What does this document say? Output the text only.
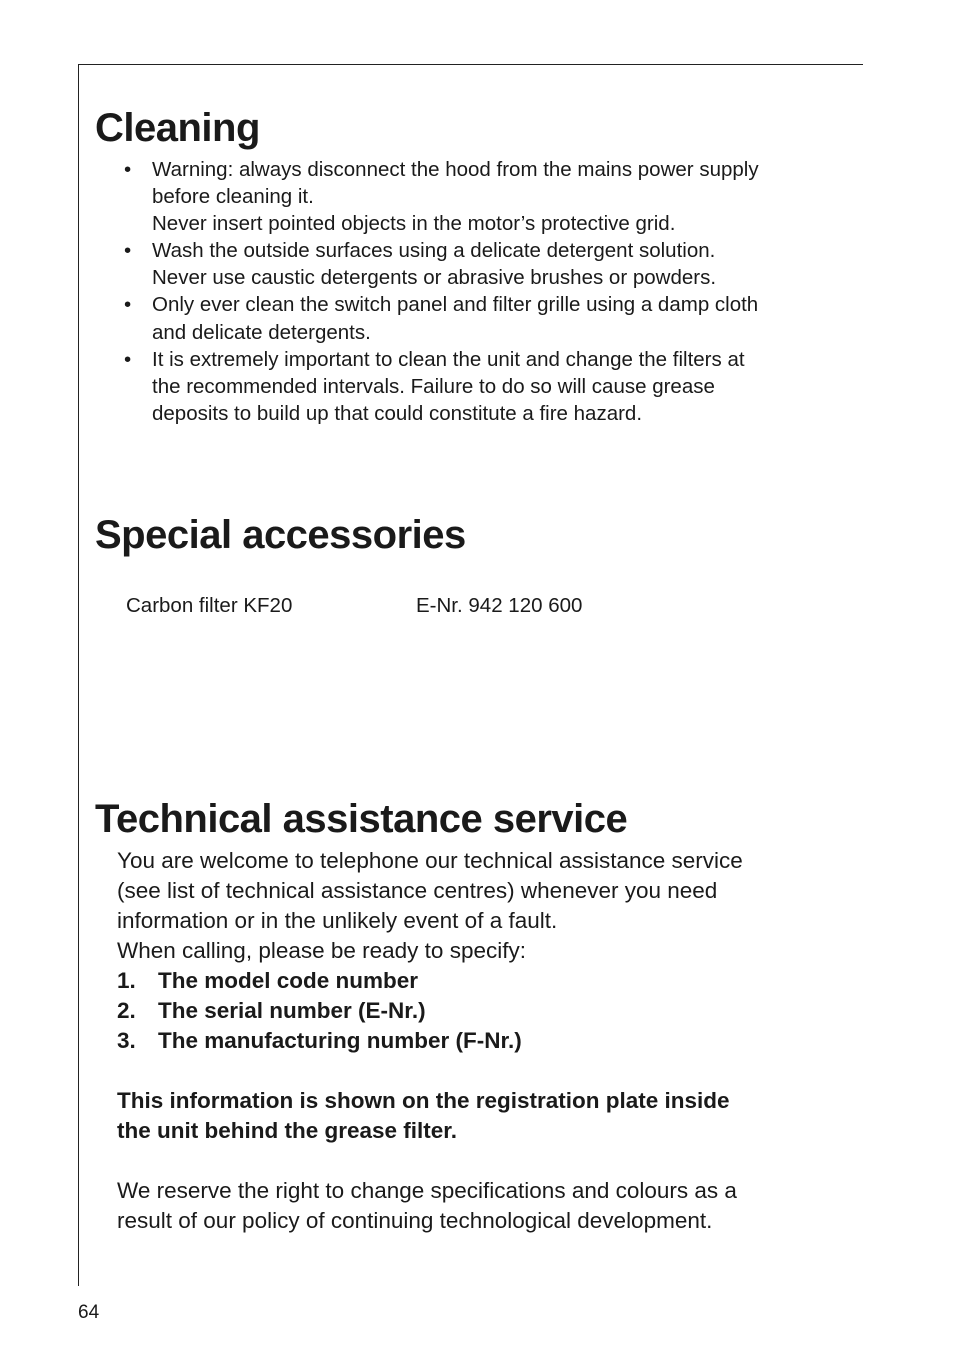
Cleaning
• Warning: always disconnect the hood from the mains power supply
before cleaning it.
Never insert pointed objects in the motor’s protective grid.
• Wash the outside surfaces using a delicate detergent solution.
Never use caustic detergents or abrasive brushes or powders.
• Only ever clean the switch panel and filter grille using a damp cloth
and delicate detergents.
• It is extremely important to clean the unit and change the filters at
the recommended intervals. Failure to do so will cause grease
deposits to build up that could constitute a fire hazard.
Special accessories
Carbon filter KF20	E-Nr. 942 120 600
Technical assistance service

You are welcome to telephone our technical assistance service

(see list of technical assistance centres) whenever you need

information or in the unlikely event of a fault.

When calling, please be ready to specify:

1. The model code number
2. The serial number (E-Nr.)
3. The manufacturing number (F-Nr.)

This information is shown on the registration plate inside

the unit behind the grease filter.

We reserve the right to change specifications and colours as a

result of our policy of continuing technological development.

64
